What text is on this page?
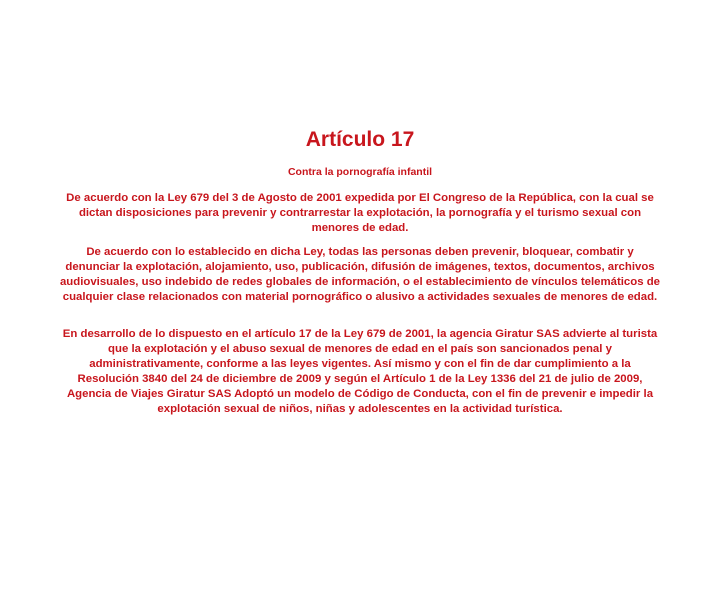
Artículo 17

Contra la pornografía infantil

De acuerdo con la Ley 679 del 3 de Agosto de 2001 expedida por El Congreso de la República, con la cual se dictan disposiciones para prevenir y contrarrestar la explotación, la pornografía y el turismo sexual con menores de edad.

De acuerdo con lo establecido en dicha Ley, todas las personas deben prevenir, bloquear, combatir y denunciar la explotación, alojamiento, uso, publicación, difusión de imágenes, textos, documentos, archivos audiovisuales, uso indebido de redes globales de información, o el establecimiento de vínculos telemáticos de cualquier clase relacionados con material pornográfico o alusivo a actividades sexuales de menores de edad.

En desarrollo de lo dispuesto en el artículo 17 de la Ley 679 de 2001, la agencia Giratur SAS advierte al turista que la explotación y el abuso sexual de menores de edad en el país son sancionados penal y administrativamente, conforme a las leyes vigentes. Así mismo y con el fin de dar cumplimiento a la Resolución 3840 del 24 de diciembre de 2009 y según el Artículo 1 de la Ley 1336 del 21 de julio de 2009, Agencia de Viajes Giratur SAS Adoptó un modelo de Código de Conducta, con el fin de prevenir e impedir la explotación sexual de niños, niñas y adolescentes en la actividad turística.
